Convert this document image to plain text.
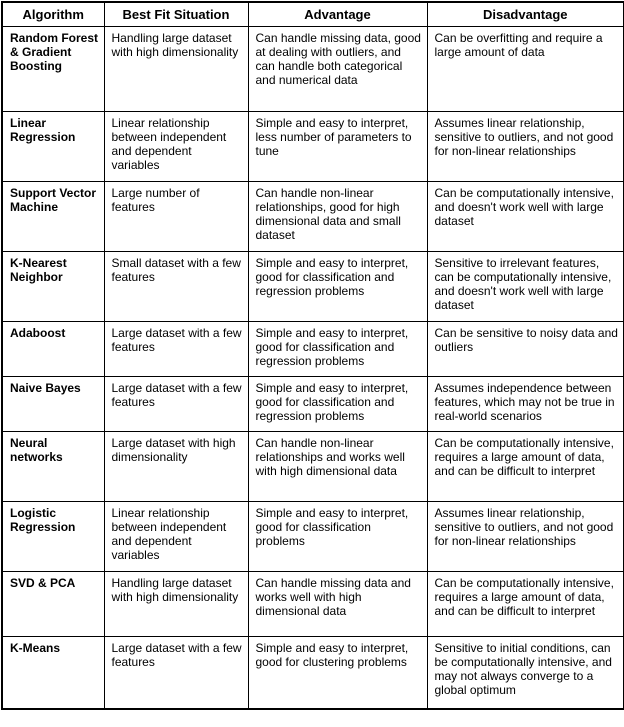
Algorithm	Best Fit Situation	Advantage	Disadvantage
Random Forest & Gradient Boosting	Handling large dataset with high dimensionality	Can handle missing data, good at dealing with outliers, and can handle both categorical and numerical data	Can be overfitting and require a large amount of data
Linear Regression	Linear relationship between independent and dependent variables	Simple and easy to interpret, less number of parameters to tune	Assumes linear relationship, sensitive to outliers, and not good for non-linear relationships
Support Vector Machine	Large number of features	Can handle non-linear relationships, good for high dimensional data and small dataset	Can be computationally intensive, and doesn't work well with large dataset
K-Nearest Neighbor	Small dataset with a few features	Simple and easy to interpret, good for classification and regression problems	Sensitive to irrelevant features, can be computationally intensive, and doesn't work well with large dataset
Adaboost	Large dataset with a few features	Simple and easy to interpret, good for classification and regression problems	Can be sensitive to noisy data and outliers
Naive Bayes	Large dataset with a few features	Simple and easy to interpret, good for classification and regression problems	Assumes independence between features, which may not be true in real-world scenarios
Neural networks	Large dataset with high dimensionality	Can handle non-linear relationships and works well with high dimensional data	Can be computationally intensive, requires a large amount of data, and can be difficult to interpret
Logistic Regression	Linear relationship between independent and dependent variables	Simple and easy to interpret, good for classification problems	Assumes linear relationship, sensitive to outliers, and not good for non-linear relationships
SVD & PCA	Handling large dataset with high dimensionality	Can handle missing data and works well with high dimensional data	Can be computationally intensive, requires a large amount of data, and can be difficult to interpret
K-Means	Large dataset with a few features	Simple and easy to interpret, good for clustering problems	Sensitive to initial conditions, can be computationally intensive, and may not always converge to a global optimum
